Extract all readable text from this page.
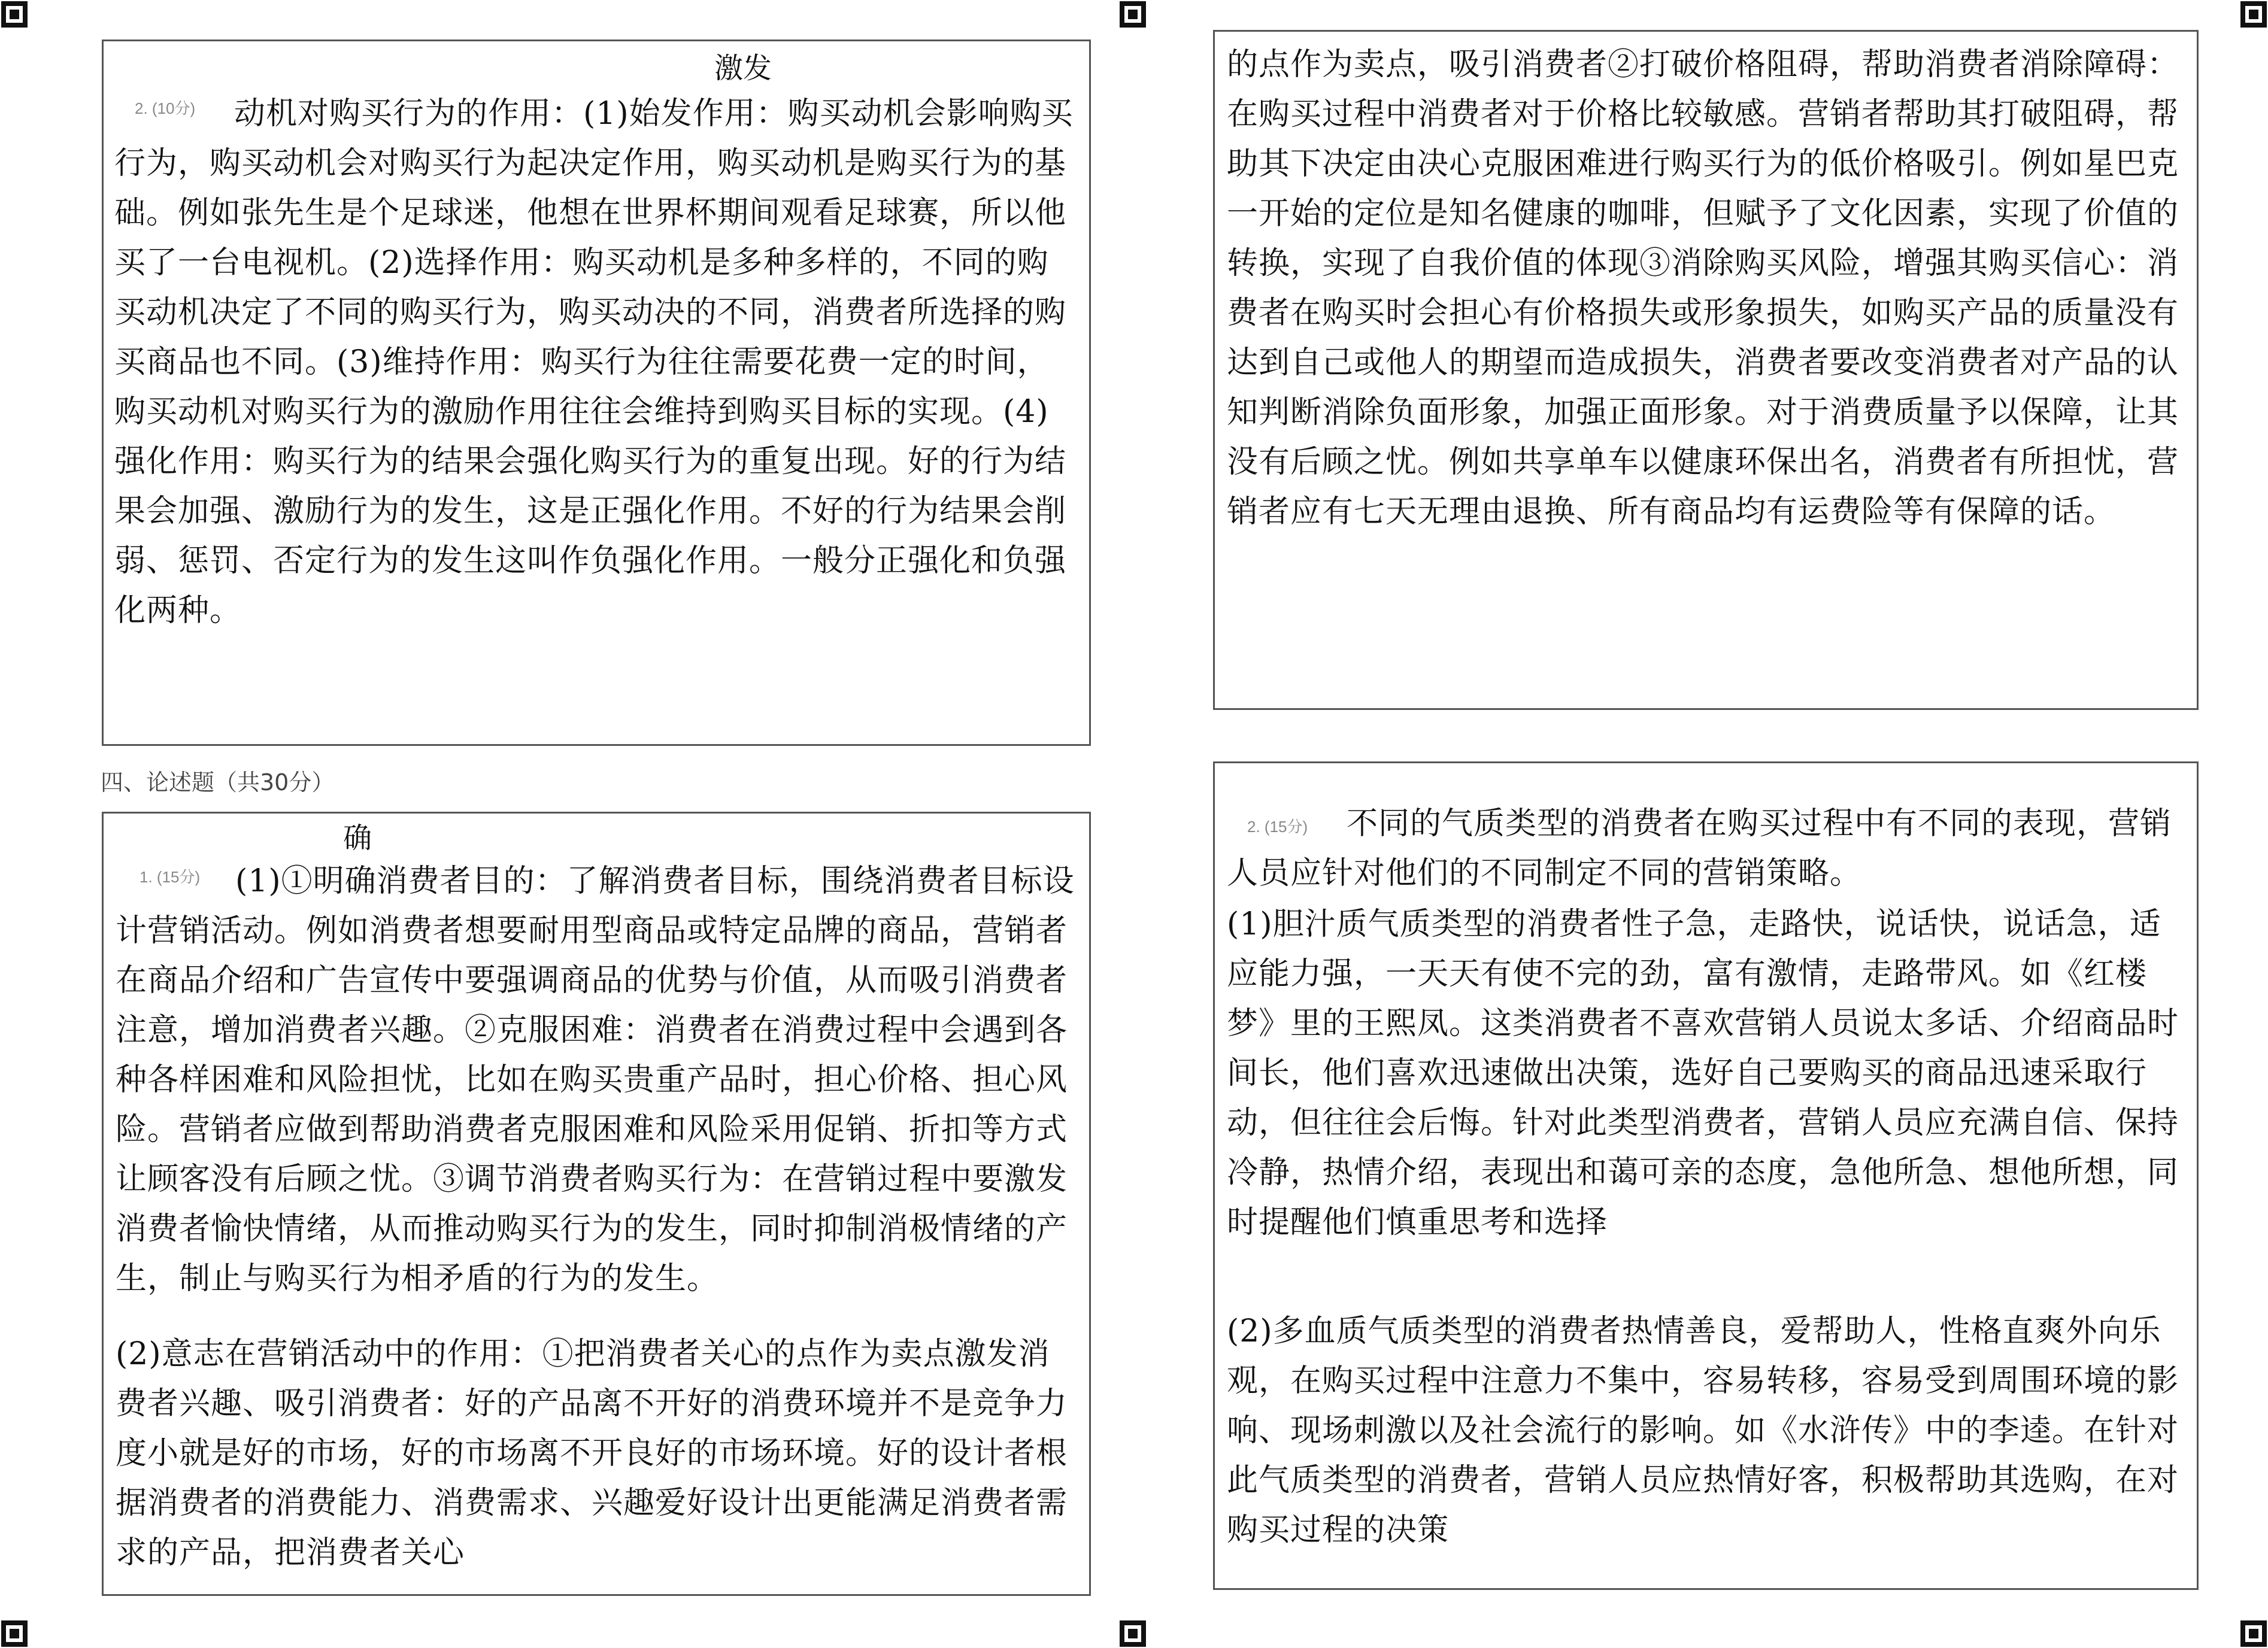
2. (10分)
激发
动机对购买行为的作用：(1)始发作用：购买动机会影响购买行为，购买动机会对购买行为起决定作用，购买动机是购买行为的基础。例如张先生是个足球迷，他想在世界杯期间观看足球赛，所以他买了一台电视机。(2)选择作用：购买动机是多种多样的，不同的购买动机决定了不同的购买行为，购买动决的不同，消费者所选择的购买商品也不同。(3)维持作用：购买行为往往需要花费一定的时间，购买动机对购买行为的激励作用往往会维持到购买目标的实现。(4)强化作用：购买行为的结果会强化购买行为的重复出现。好的行为结果会加强、激励行为的发生，这是正强化作用。不好的行为结果会削弱、惩罚、否定行为的发生这叫作负强化作用。一般分正强化和负强化两种。
四、论述题（共30分）
1. (15分)
确
(1)①明确消费者目的：了解消费者目标，围绕消费者目标设计营销活动。例如消费者想要耐用型商品或特定品牌的商品，营销者在商品介绍和广告宣传中要强调商品的优势与价值，从而吸引消费者注意，增加消费者兴趣。②克服困难：消费者在消费过程中会遇到各种各样困难和风险担忧，比如在购买贵重产品时，担心价格、担心风险。营销者应做到帮助消费者克服困难和风险采用促销、折扣等方式让顾客没有后顾之忧。③调节消费者购买行为：在营销过程中要激发消费者愉快情绪，从而推动购买行为的发生，同时抑制消极情绪的产生，制止与购买行为相矛盾的行为的发生。
(2)意志在营销活动中的作用：①把消费者关心的点作为卖点激发消费者兴趣、吸引消费者：好的产品离不开好的消费环境并不是竞争力度小就是好的市场，好的市场离不开良好的市场环境。好的设计者根据消费者的消费能力、消费需求、兴趣爱好设计出更能满足消费者需求的产品，把消费者关心
的点作为卖点，吸引消费者②打破价格阻碍，帮助消费者消除障碍：在购买过程中消费者对于价格比较敏感。营销者帮助其打破阻碍，帮助其下决定由决心克服困难进行购买行为的低价格吸引。例如星巴克一开始的定位是知名健康的咖啡，但赋予了文化因素，实现了价值的转换，实现了自我价值的体现③消除购买风险，增强其购买信心：消费者在购买时会担心有价格损失或形象损失，如购买产品的质量没有达到自己或他人的期望而造成损失，消费者要改变消费者对产品的认知判断消除负面形象，加强正面形象。对于消费质量予以保障，让其没有后顾之忧。例如共享单车以健康环保出名，消费者有所担忧，营销者应有七天无理由退换、所有商品均有运费险等有保障的话。
2. (15分)	不同的气质类型的消费者在购买过程中有不同的表现，营销人员应针对他们的不同制定不同的营销策略。
(1)胆汁质气质类型的消费者性子急，走路快，说话快，说话急，适应能力强，一天天有使不完的劲，富有激情，走路带风。如《红楼梦》里的王熙凤。这类消费者不喜欢营销人员说太多话、介绍商品时间长，他们喜欢迅速做出决策，选好自己要购买的商品迅速采取行动，但往往会后悔。针对此类型消费者，营销人员应充满自信、保持冷静，热情介绍，表现出和蔼可亲的态度，急他所急、想他所想，同时提醒他们慎重思考和选择
(2)多血质气质类型的消费者热情善良，爱帮助人，性格直爽外向乐观，在购买过程中注意力不集中，容易转移，容易受到周围环境的影响、现场刺激以及社会流行的影响。如《水浒传》中的李逵。在针对此气质类型的消费者，营销人员应热情好客，积极帮助其选购，在对购买过程的决策
